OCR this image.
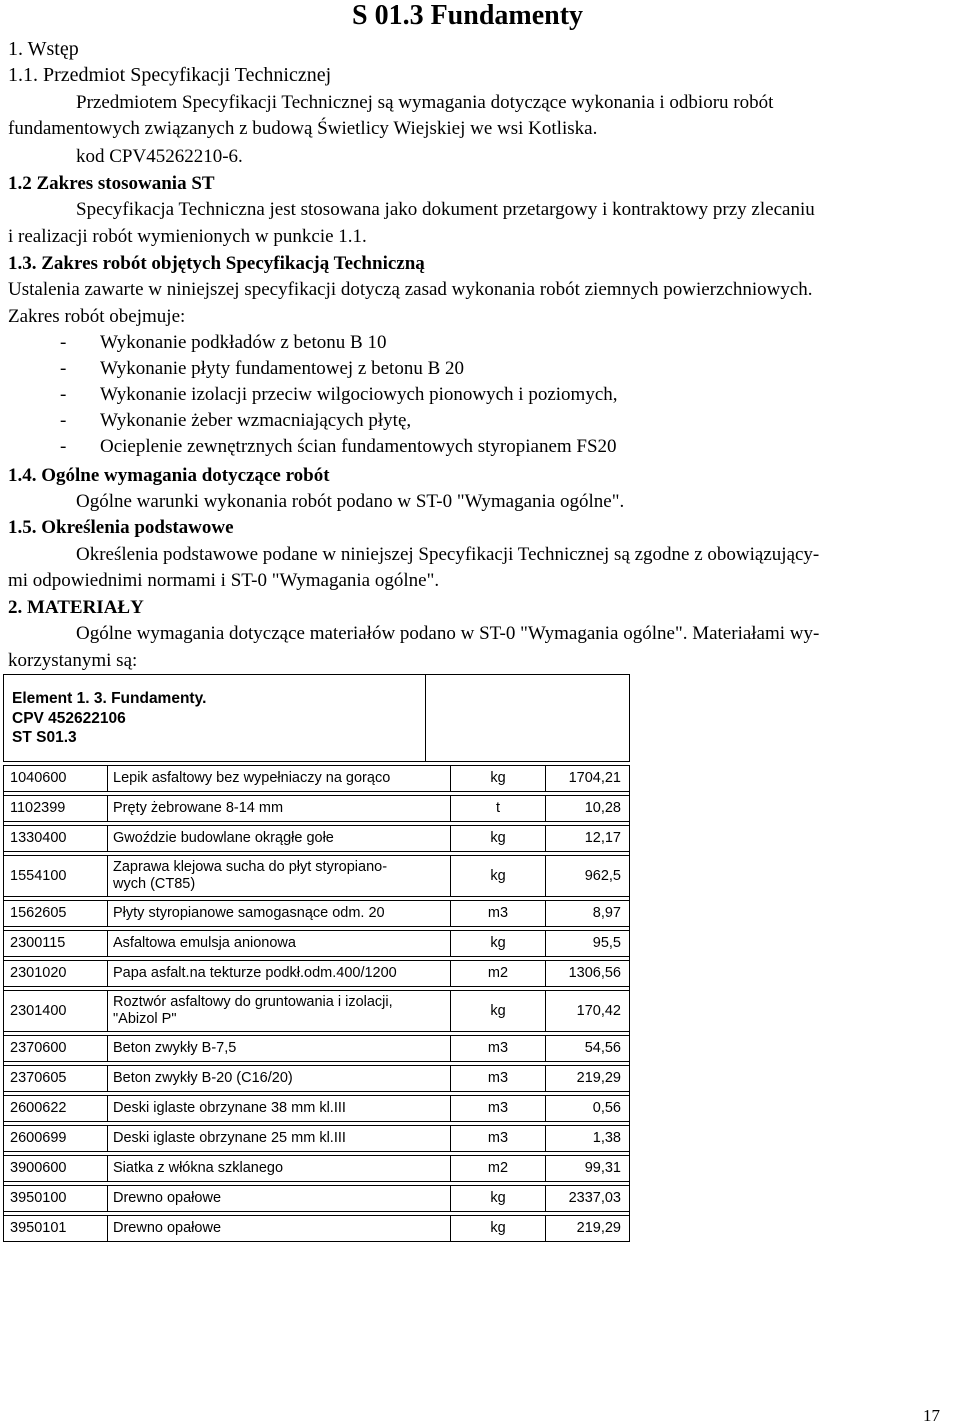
S 01.3 Fundamenty
1. Wstęp
1.1. Przedmiot Specyfikacji Technicznej
Przedmiotem Specyfikacji Technicznej są wymagania dotyczące wykonania i odbioru robót
fundamentowych związanych z budową Świetlicy Wiejskiej we wsi Kotliska.
kod CPV45262210-6.
1.2 Zakres stosowania ST
Specyfikacja Techniczna jest stosowana jako dokument przetargowy i kontraktowy przy zlecaniu
i realizacji robót wymienionych w punkcie 1.1.
1.3. Zakres robót objętych Specyfikacją Techniczną
Ustalenia zawarte w niniejszej specyfikacji dotyczą zasad wykonania robót ziemnych powierzchniowych.
Zakres robót obejmuje:
- Wykonanie podkładów z betonu B 10
- Wykonanie płyty fundamentowej z betonu B 20
- Wykonanie izolacji przeciw wilgociowych pionowych i poziomych,
- Wykonanie żeber wzmacniających płytę,
- Ocieplenie zewnętrznych ścian fundamentowych styropianem FS20
1.4. Ogólne wymagania dotyczące robót
Ogólne warunki wykonania robót podano w ST-0 "Wymagania ogólne".
1.5. Określenia podstawowe
Określenia podstawowe podane w niniejszej Specyfikacji Technicznej są zgodne z obowiązujący-
mi odpowiednimi normami i ST-0 "Wymagania ogólne".
2. MATERIAŁY
Ogólne wymagania dotyczące materiałów podano w ST-0 "Wymagania ogólne". Materiałami wy-
korzystanymi są:
Element 1. 3. Fundamenty.
CPV 452622106
ST S01.3
1040600	Lepik asfaltowy bez wypełniaczy na gorąco	kg	1704,21

1102399	Pręty żebrowane 8-14 mm	t	10,28

1330400	Gwoździe budowlane okrągłe gołe	kg	12,17

1554100	Zaprawa klejowa sucha do płyt styropiano-
wych (CT85)	kg	962,5

1562605	Płyty styropianowe samogasnące odm. 20	m3	8,97

2300115	Asfaltowa emulsja anionowa	kg	95,5

2301020	Papa asfalt.na tekturze podkł.odm.400/1200	m2	1306,56

2301400	Roztwór asfaltowy do gruntowania i izolacji,
"Abizol P"	kg	170,42

2370600	Beton zwykły B-7,5	m3	54,56

2370605	Beton zwykły B-20 (C16/20)	m3	219,29

2600622	Deski iglaste obrzynane 38 mm kl.III	m3	0,56

2600699	Deski iglaste obrzynane 25 mm kl.III	m3	1,38

3900600	Siatka z włókna szklanego	m2	99,31

3950100	Drewno opałowe	kg	2337,03

3950101	Drewno opałowe	kg	219,29
17
